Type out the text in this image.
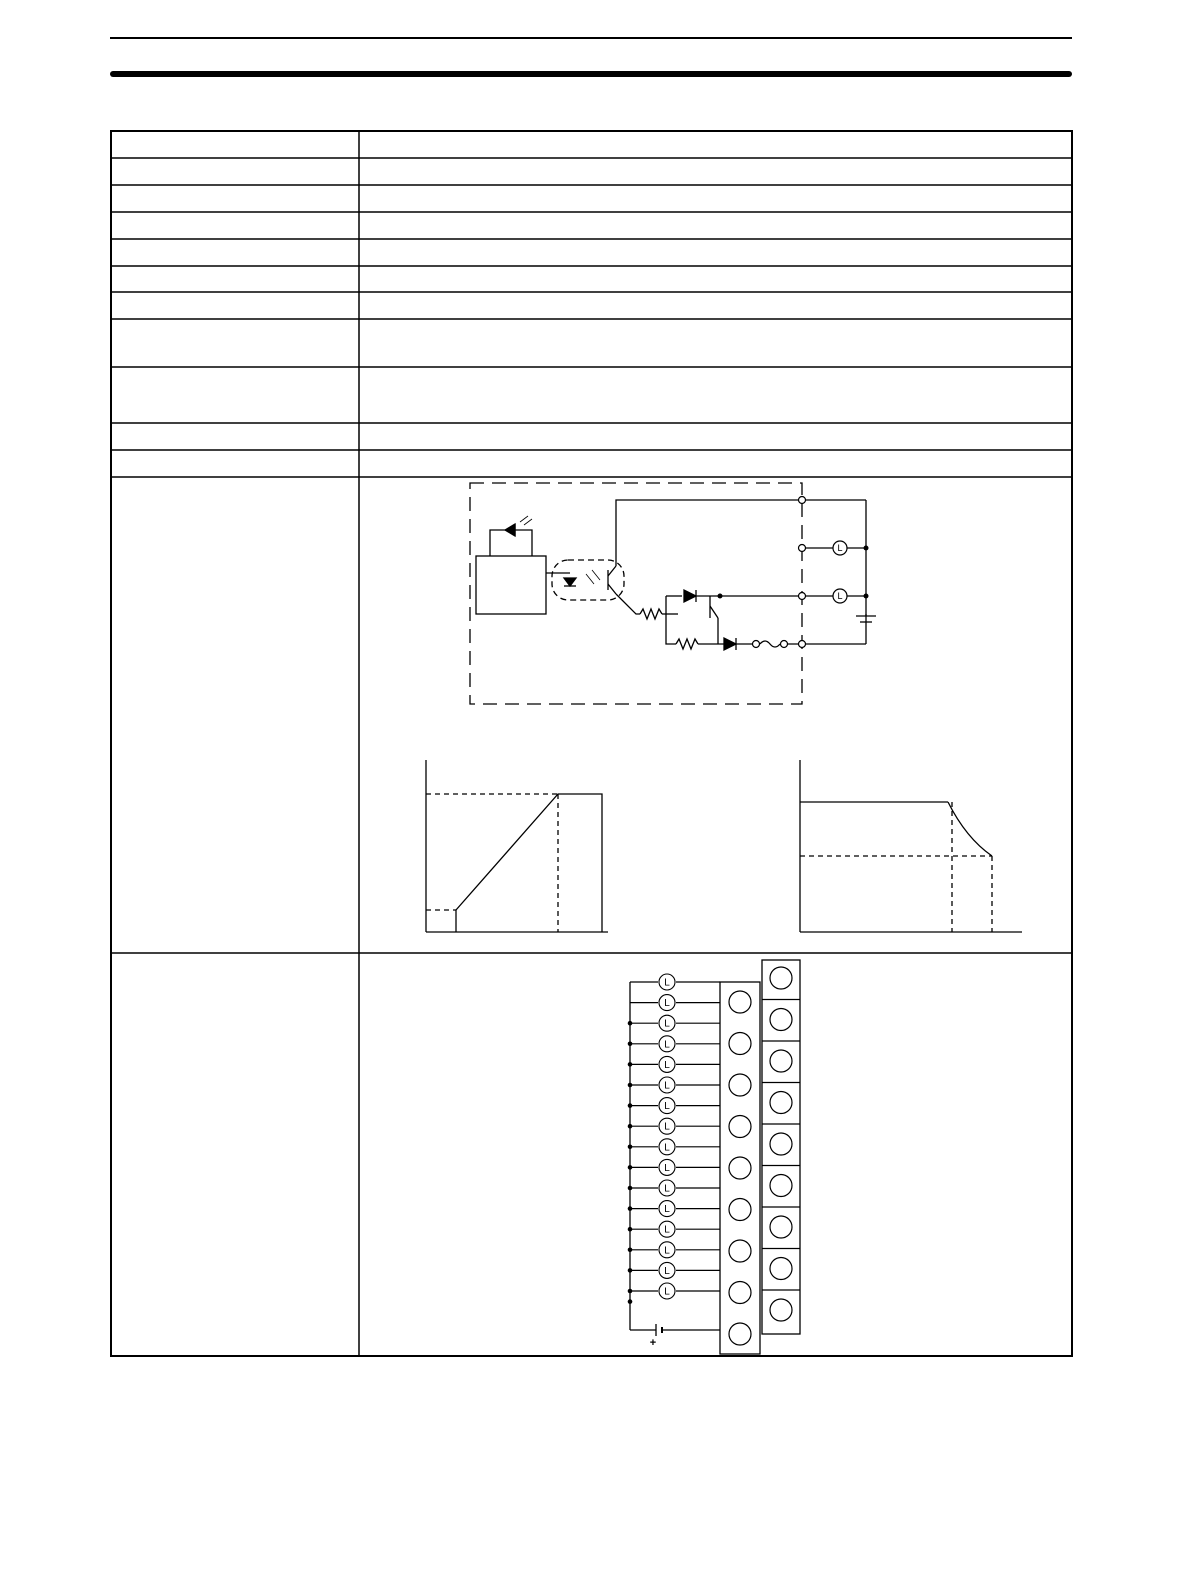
L
L
+
L
L
L
L
L
L
L
L
L
L
L
L
L
L
L
L
